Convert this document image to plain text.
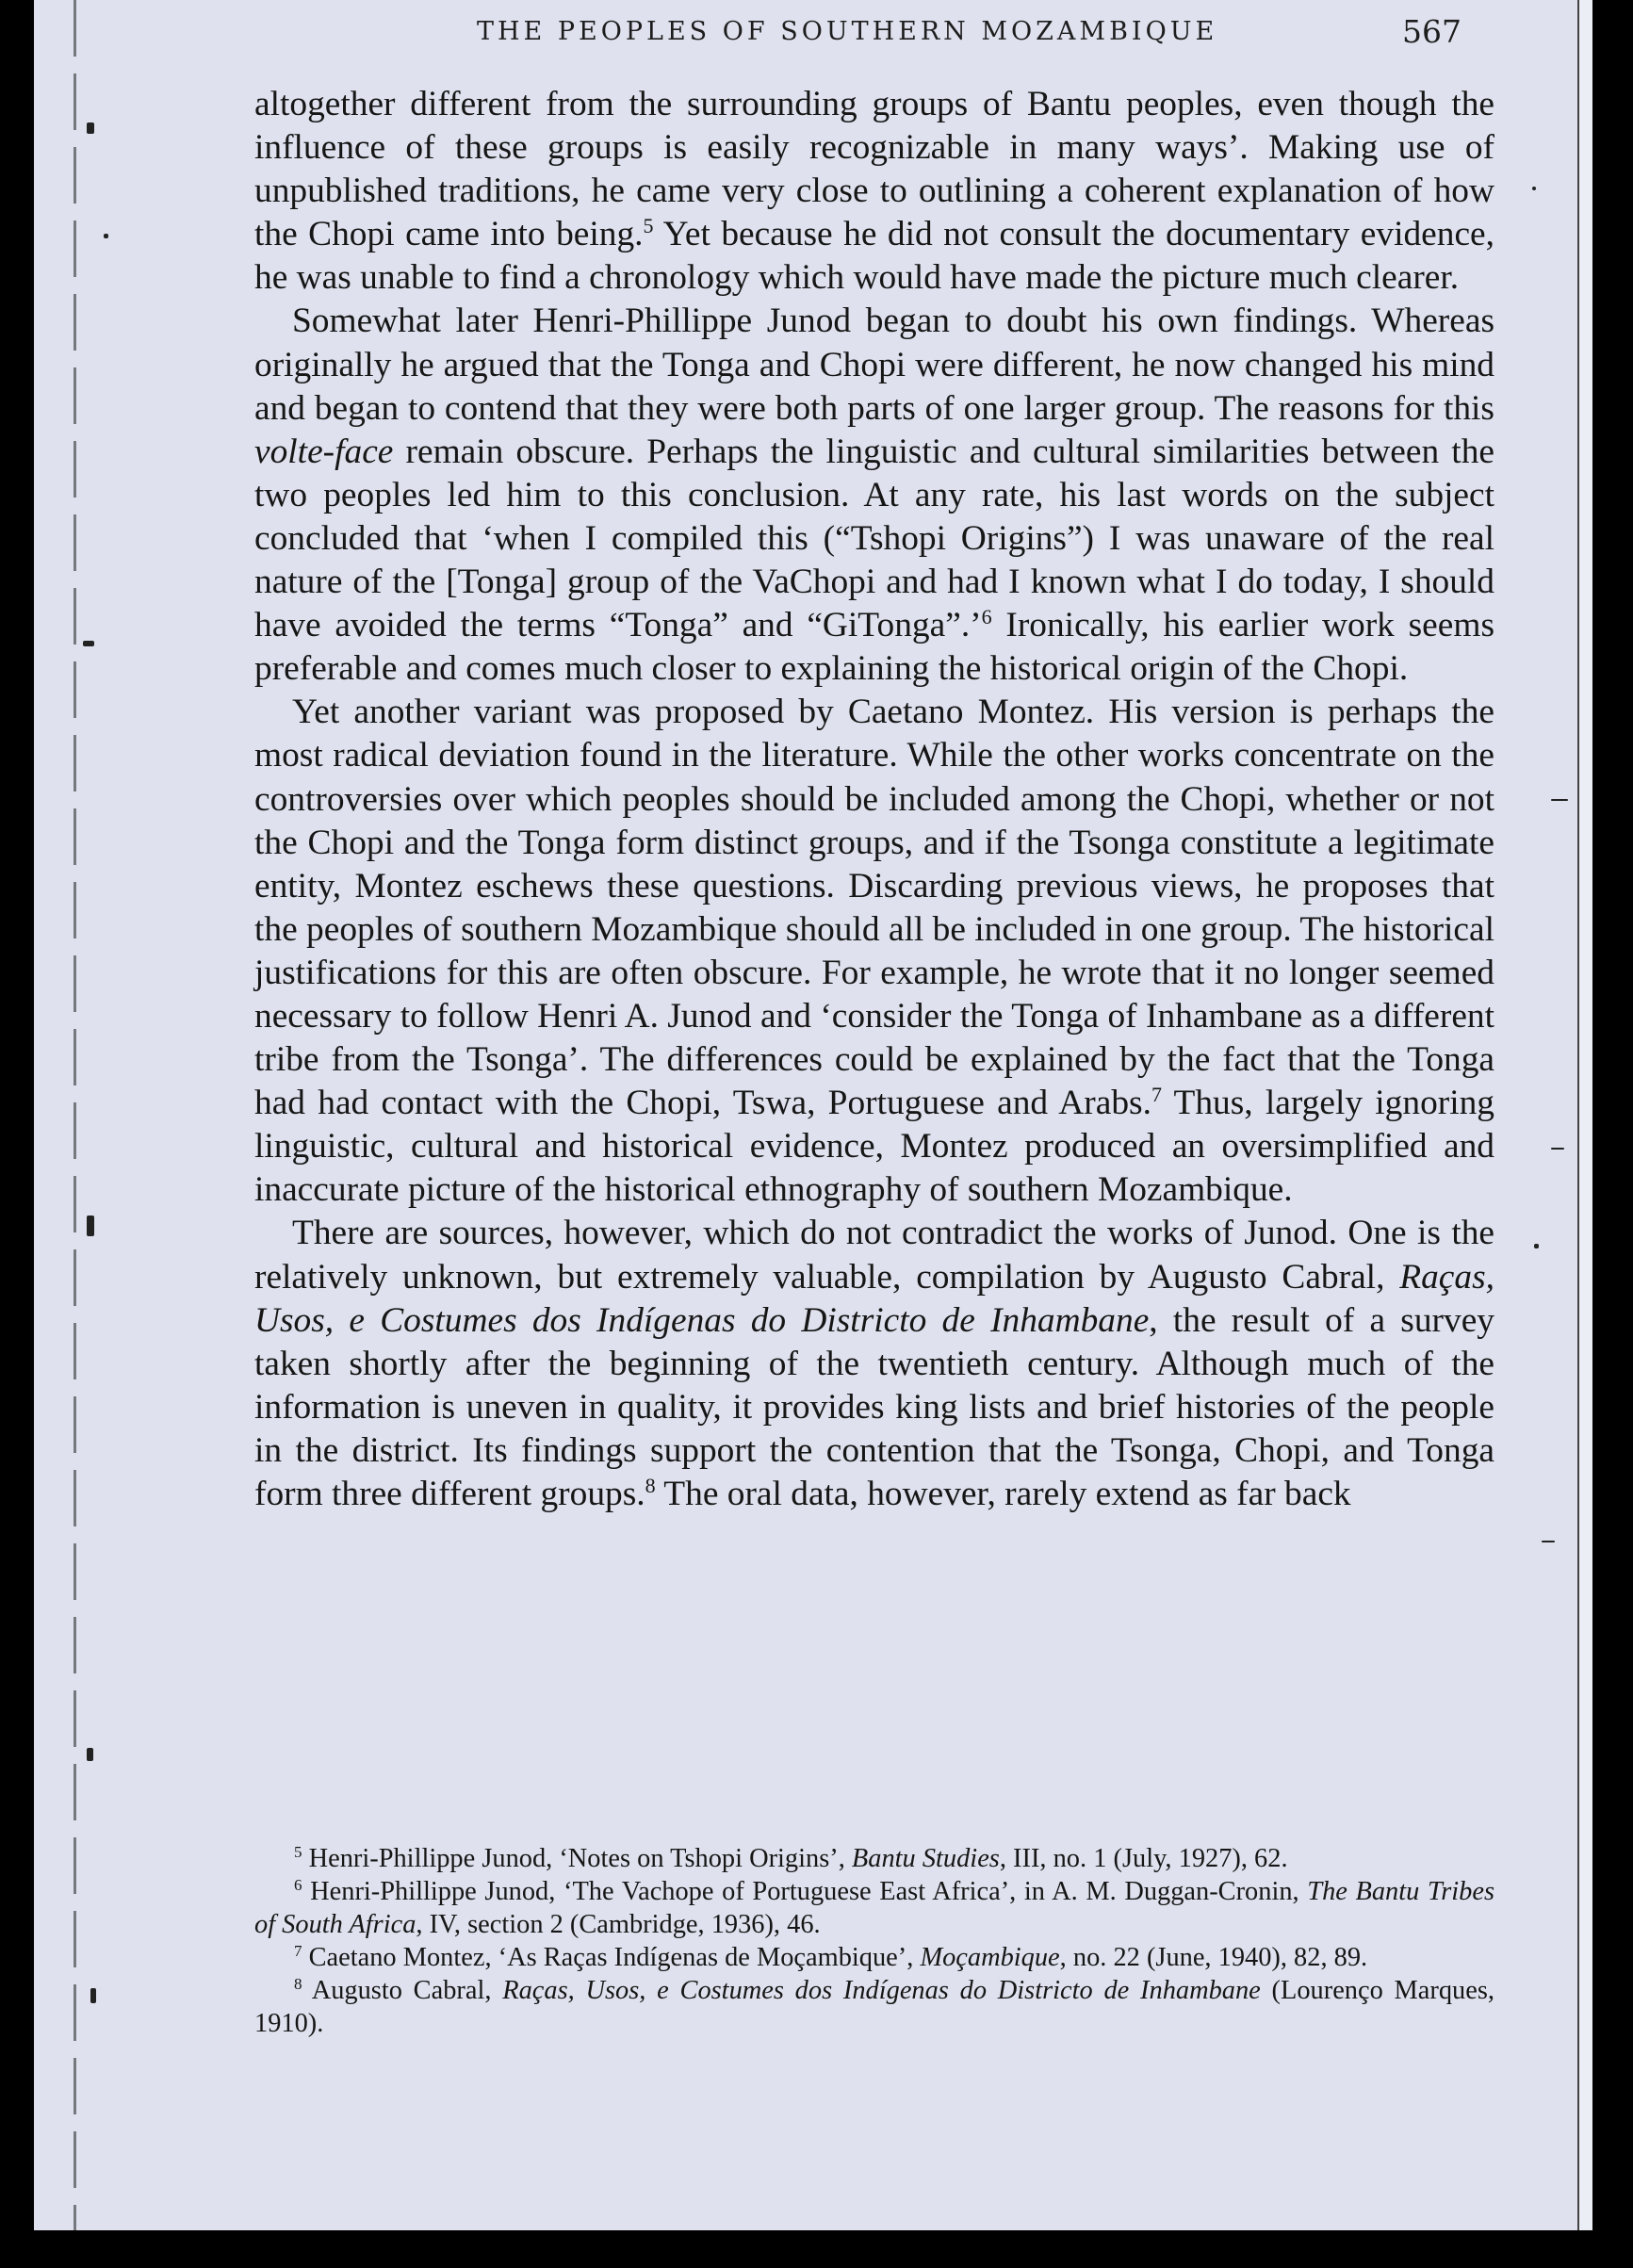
THE PEOPLES OF SOUTHERN MOZAMBIQUE	567

altogether different from the surrounding groups of Bantu peoples, even though the influence of these groups is easily recognizable in many ways’. Making use of unpublished traditions, he came very close to outlining a coherent explanation of how the Chopi came into being.$^5$ Yet because he did not consult the documentary evidence, he was unable to find a chronology which would have made the picture much clearer.

Somewhat later Henri-Phillippe Junod began to doubt his own findings. Whereas originally he argued that the Tonga and Chopi were different, he now changed his mind and began to contend that they were both parts of one larger group. The reasons for this volte-face remain obscure. Perhaps the linguistic and cultural similarities between the two peoples led him to this conclusion. At any rate, his last words on the subject concluded that ‘when I compiled this (“Tshopi Origins”) I was unaware of the real nature of the [Tonga] group of the VaChopi and had I known what I do today, I should have avoided the terms “Tonga” and “GiTonga”.’$^6$ Ironically, his earlier work seems preferable and comes much closer to explaining the historical origin of the Chopi.

Yet another variant was proposed by Caetano Montez. His version is perhaps the most radical deviation found in the literature. While the other works concentrate on the controversies over which peoples should be included among the Chopi, whether or not the Chopi and the Tonga form distinct groups, and if the Tsonga constitute a legitimate entity, Montez eschews these questions. Discarding previous views, he proposes that the peoples of southern Mozambique should all be included in one group. The historical justifications for this are often obscure. For example, he wrote that it no longer seemed necessary to follow Henri A. Junod and ‘consider the Tonga of Inhambane as a different tribe from the Tsonga’. The differences could be explained by the fact that the Tonga had had contact with the Chopi, Tswa, Portuguese and Arabs.$^7$ Thus, largely ignoring linguistic, cultural and historical evidence, Montez produced an oversimplified and inaccurate picture of the historical ethnography of southern Mozambique.

There are sources, however, which do not contradict the works of Junod. One is the relatively unknown, but extremely valuable, compilation by Augusto Cabral, Raças, Usos, e Costumes dos Indígenas do Districto de Inhambane, the result of a survey taken shortly after the beginning of the twentieth century. Although much of the information is uneven in quality, it provides king lists and brief histories of the people in the district. Its findings support the contention that the Tsonga, Chopi, and Tonga form three different groups.$^8$ The oral data, however, rarely extend as far back

$^5$ Henri-Phillippe Junod, ‘Notes on Tshopi Origins’, Bantu Studies, III, no. 1 (July, 1927), 62.

$^6$ Henri-Phillippe Junod, ‘The Vachope of Portuguese East Africa’, in A. M. Duggan-Cronin, The Bantu Tribes of South Africa, IV, section 2 (Cambridge, 1936), 46.

$^7$ Caetano Montez, ‘As Raças Indígenas de Moçambique’, Moçambique, no. 22 (June, 1940), 82, 89.

$^8$ Augusto Cabral, Raças, Usos, e Costumes dos Indígenas do Districto de Inhambane (Lourenço Marques, 1910).
